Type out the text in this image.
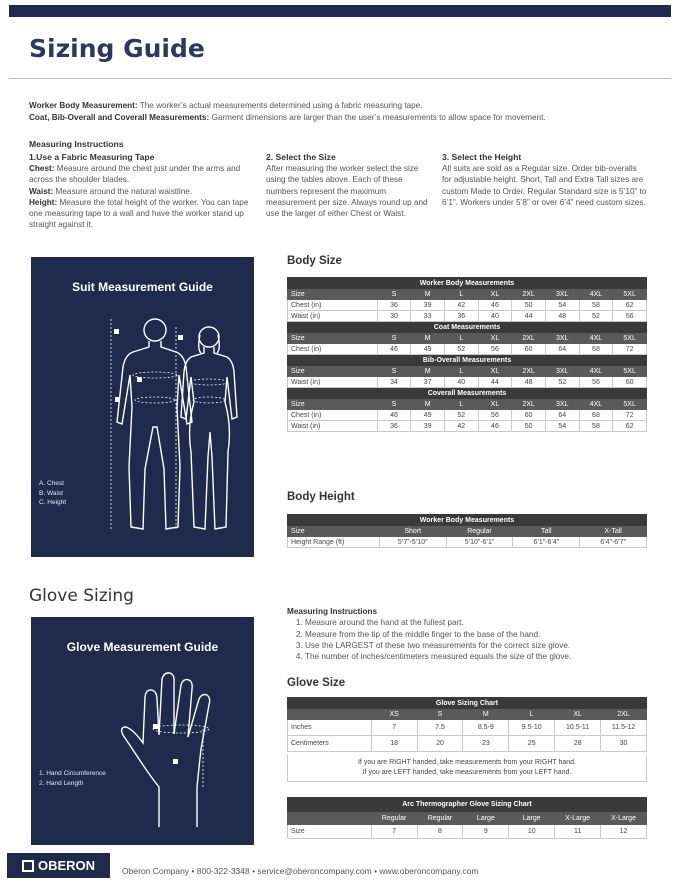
Sizing Guide
Worker Body Measurement: The worker’s actual measurements determined using a fabric measuring tape.
Coat, Bib-Overall and Coverall Measurements: Garment dimensions are larger than the user’s measurements to allow space for movement.
Measuring Instructions
1.Use a Fabric Measuring Tape
Chest: Measure around the chest just under the arms and across the shoulder blades.
Waist: Measure around the natural waistline.
Height: Measure the total height of the worker. You can tape one measuring tape to a wall and have the worker stand up straight against it.
2. Select the Size
After measuring the worker select the size using the tables above. Each of these numbers represent the maximum measurement per size. Always round up and use the larger of either Chest or Waist.
3. Select the Height
All suits are sold as a Regular size. Order bib-overalls for adjustable height. Short, Tall and Extra Tall sizes are custom Made to Order. Regular Standard size is 5’10” to 6’1”. Workers under 5’8” or over 6’4” need custom sizes.
Suit Measurement Guide
A. Chest
B. Waist
C. Height
Body Size
Worker Body Measurements								
Size	S	M	L	XL	2XL	3XL	4XL	5XL
Chest (in)	36	39	42	46	50	54	58	62
Waist (in)	30	33	36	40	44	48	52	56
Coat Measurements								
Size	S	M	L	XL	2XL	3XL	4XL	5XL
Chest (in)	46	49	52	56	60	64	68	72
Bib-Overall Measurements								
Size	S	M	L	XL	2XL	3XL	4XL	5XL
Waist (in)	34	37	40	44	48	52	56	60
Coverall Measurements								
Size	S	M	L	XL	2XL	3XL	4XL	5XL
Chest (in)	46	49	52	56	60	64	68	72
Waist (in)	36	39	42	46	50	54	58	62
Body Height
Worker Body Measurements				
Size	Short	Regular	Tall	X-Tall
Height Range (ft)	5’7”-5’10”	5’10”-6’1”	6’1”-6’4”	6’4”-6’7”
Glove Sizing
Glove Measurement Guide
1. Hand Circumference
2. Hand Length
Measuring Instructions
1. Measure around the hand at the fullest part.
2. Measure from the tip of the middle finger to the base of the hand.
3. Use the LARGEST of these two measurements for the correct size glove.
4. The number of inches/centimeters measured equals the size of the glove.
Glove Size
Glove Sizing Chart						
	XS	S	M	L	XL	2XL
Inches	7	7.5	8.5-9	9.5-10	10.5-11	11.5-12
Centimeters	18	20	23	25	28	30
If you are RIGHT handed, take measurements from your RIGHT hand.
If you are LEFT handed, take measurements from your LEFT hand.
Arc Thermographer Glove Sizing Chart						
	Regular	Regular	Large	Large	X-Large	X-Large
Size	7	8	9	10	11	12
OBERON	Oberon Company • 800-322-3348 • service@oberoncompany.com • www.oberoncompany.com
